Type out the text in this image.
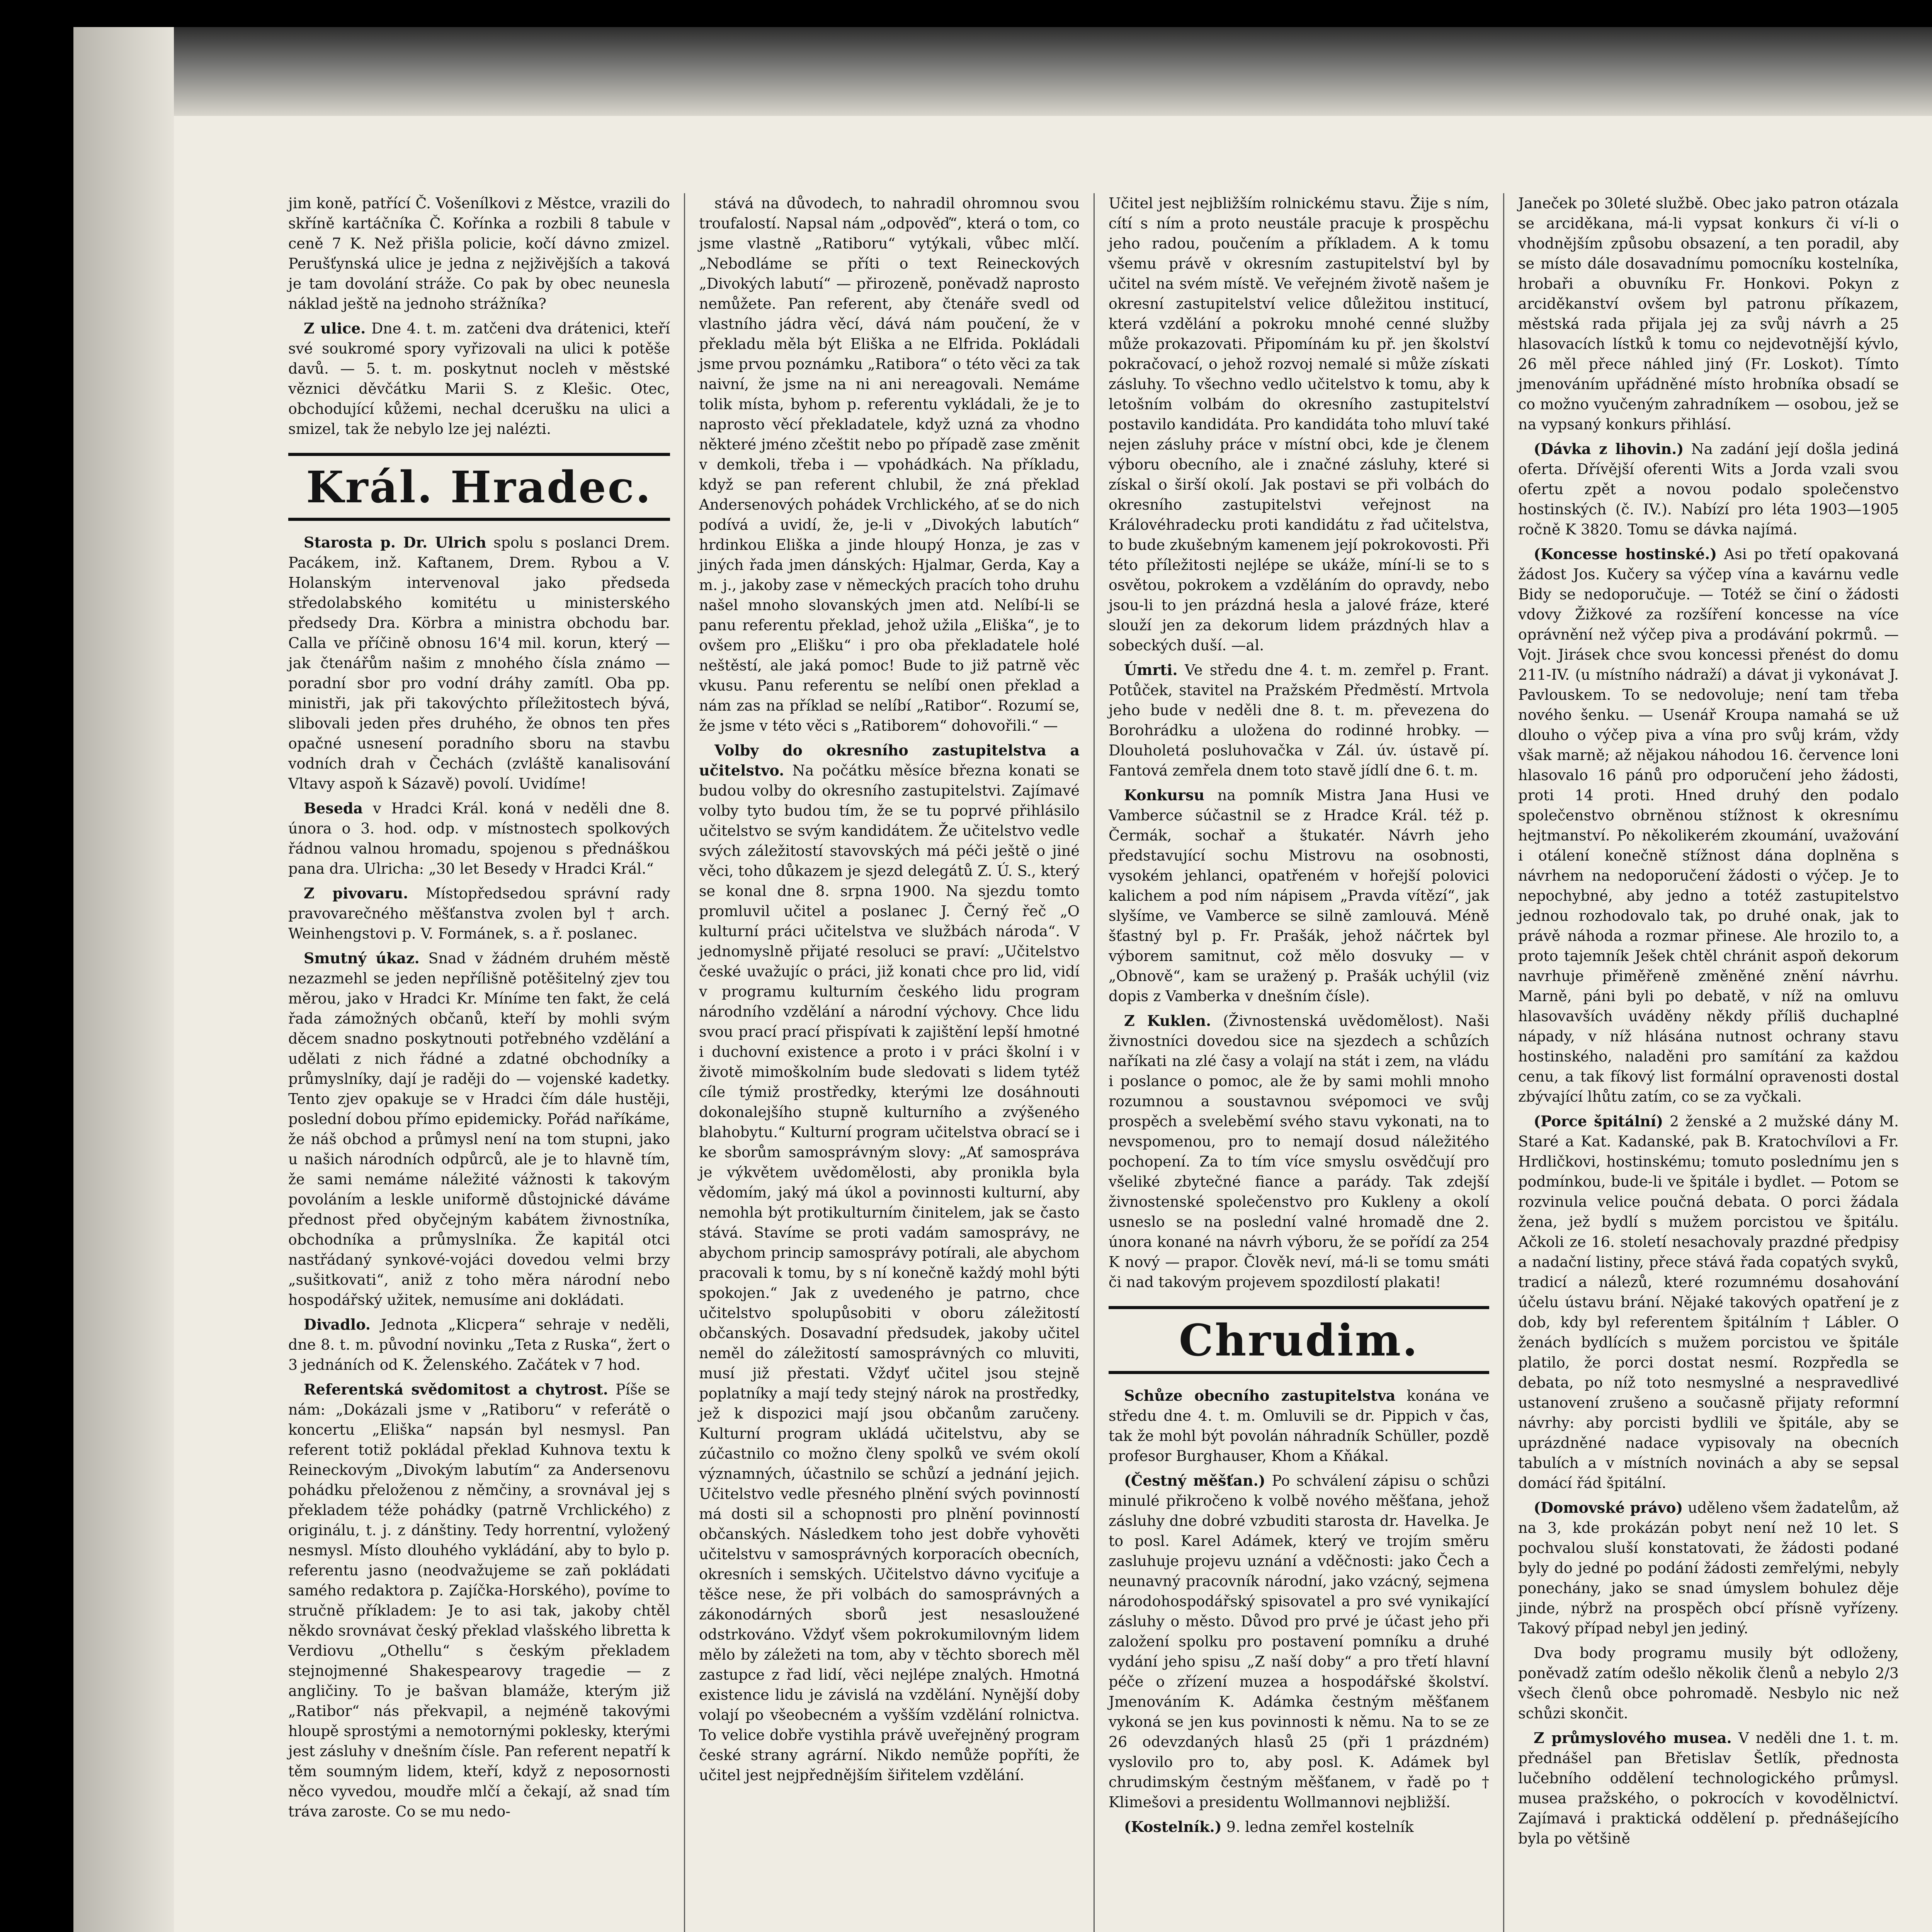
jim koně, patřící Č. Vošenílkovi z Městce, vrazili do skříně kartáčníka Č. Kořínka a rozbili 8 tabule v ceně 7 K. Než přišla policie, kočí dávno zmizel. Perušťynská ulice je jedna z nejživějších a taková je tam dovolání stráže. Co pak by obec neunesla náklad ještě na jednoho strážníka?

Z ulice. Dne 4. t. m. zatčeni dva drátenici, kteří své soukromé spory vyřizovali na ulici k potěše davů. — 5. t. m. poskytnut nocleh v městské věznici děvčátku Marii S. z Klešic. Otec, obchodující kůžemi, nechal dcerušku na ulici a smizel, tak že nebylo lze jej nalézti.

Král. Hradec.

Starosta p. Dr. Ulrich spolu s poslanci Drem. Pacákem, inž. Kaftanem, Drem. Rybou a V. Holanským intervenoval jako předseda středolabského komitétu u ministerského předsedy Dra. Körbra a ministra obchodu bar. Calla ve příčině obnosu 16'4 mil. korun, který — jak čtenářům našim z mnohého čísla známo — poradní sbor pro vodní dráhy zamítl. Oba pp. ministři, jak při takovýchto příležitostech bývá, slibovali jeden přes druhého, že obnos ten přes opačné usnesení poradního sboru na stavbu vodních drah v Čechách (zvláště kanalisování Vltavy aspoň k Sázavě) povolí. Uvidíme!

Beseda v Hradci Král. koná v neděli dne 8. února o 3. hod. odp. v místnostech spolkových řádnou valnou hromadu, spojenou s přednáškou pana dra. Ulricha: „30 let Besedy v Hradci Král.“

Z pivovaru. Místopředsedou správní rady pravovarečného měšťanstva zvolen byl † arch. Weinhengstovi p. V. Formánek, s. a ř. poslanec.

Smutný úkaz. Snad v žádném druhém městě nezazmehl se jeden nepřílišně potěšitelný zjev tou měrou, jako v Hradci Kr. Míníme ten fakt, že celá řada zámožných občanů, kteří by mohli svým děcem snadno poskytnouti potřebného vzdělání a udělati z nich řádné a zdatné obchodníky a průmyslníky, dají je raději do — vojenské kadetky. Tento zjev opakuje se v Hradci čím dále hustěji, poslední dobou přímo epidemicky. Pořád naříkáme, že náš obchod a průmysl není na tom stupni, jako u našich národních odpůrců, ale je to hlavně tím, že sami nemáme náležité vážnosti k takovým povoláním a leskle uniformě důstojnické dáváme přednost před obyčejným kabátem živnostníka, obchodníka a průmyslníka. Že kapitál otci nastřádaný synkové-vojáci dovedou velmi brzy „sušitkovati“, aniž z toho měra národní nebo hospodářský užitek, nemusíme ani dokládati.

Divadlo. Jednota „Klicpera“ sehraje v neděli, dne 8. t. m. původní novinku „Teta z Ruska“, žert o 3 jednáních od K. Želenského. Začátek v 7 hod.

Referentská svědomitost a chytrost. Píše se nám: „Dokázali jsme v „Ratiboru“ v referátě o koncertu „Eliška“ napsán byl nesmysl. Pan referent totiž pokládal překlad Kuhnova textu k Reineckovým „Divokým labutím“ za Andersenovu pohádku přeloženou z němčiny, a srovnával jej s překladem téže pohádky (patrně Vrchlického) z originálu, t. j. z dánštiny. Tedy horrentní, vyložený nesmysl. Místo dlouhého vykládání, aby to bylo p. referentu jasno (neodvažujeme se zaň pokládati samého redaktora p. Zajíčka-Horského), povíme to stručně příkladem: Je to asi tak, jakoby chtěl někdo srovnávat český překlad vlašského libretta k Verdiovu „Othellu“ s českým překladem stejnojmenné Shakespearovy tragedie — z angličiny. To je bašvan blamáže, kterým již „Ratibor“ nás překvapil, a nejméně takovými hloupě sprostými a nemotornými poklesky, kterými jest zásluhy v dnešním čísle. Pan referent nepatří k těm soumným lidem, kteří, když z neposornosti něco vyvedou, moudře mlčí a čekají, až snad tím tráva zaroste. Co se mu nedo-

stává na důvodech, to nahradil ohromnou svou troufalostí. Napsal nám „odpověď“, která o tom, co jsme vlastně „Ratiboru“ vytýkali, vůbec mlčí. „Nebodláme se příti o text Reineckových „Divokých labutí“ — přirozeně, poněvadž naprosto nemůžete. Pan referent, aby čtenáře svedl od vlastního jádra věcí, dává nám poučení, že v překladu měla být Eliška a ne Elfrida. Pokládali jsme prvou poznámku „Ratibora“ o této věci za tak naivní, že jsme na ni ani nereagovali. Nemáme tolik místa, byhom p. referentu vykládali, že je to naprosto věcí překladatele, když uzná za vhodno některé jméno zčeštit nebo po případě zase změnit v demkoli, třeba i — vpohádkách. Na příkladu, když se pan referent chlubil, že zná překlad Andersenových pohádek Vrchlického, ať se do nich podívá a uvidí, že, je-li v „Divokých labutích“ hrdinkou Eliška a jinde hloupý Honza, je zas v jiných řada jmen dánských: Hjalmar, Gerda, Kay a m. j., jakoby zase v německých pracích toho druhu našel mnoho slovanských jmen atd. Nelíbí-li se panu referentu překlad, jehož užila „Eliška“, je to ovšem pro „Elišku“ i pro oba překladatele holé neštěstí, ale jaká pomoc! Bude to již patrně věc vkusu. Panu referentu se nelíbí onen překlad a nám zas na příklad se nelíbí „Ratibor“. Rozumí se, že jsme v této věci s „Ratiborem“ dohovořili.“ —

Volby do okresního zastupitelstva a učitelstvo. Na počátku měsíce března konati se budou volby do okresního zastupitelstvi. Zajímavé volby tyto budou tím, že se tu poprvé přihlásilo učitelstvo se svým kandidátem. Že učitelstvo vedle svých záležitostí stavovských má péči ještě o jiné věci, toho důkazem je sjezd delegátů Z. Ú. S., který se konal dne 8. srpna 1900. Na sjezdu tomto promluvil učitel a poslanec J. Černý řeč „O kulturní práci učitelstva ve službách národa“. V jednomyslně přijaté resoluci se praví: „Učitelstvo české uvažujíc o práci, již konati chce pro lid, vidí v programu kulturním českého lidu program národního vzdělání a národní výchovy. Chce lidu svou prací prací přispívati k zajištění lepší hmotné i duchovní existence a proto i v práci školní i v životě mimoškolním bude sledovati s lidem tytéž cíle týmiž prostředky, kterými lze dosáhnouti dokonalejšího stupně kulturního a zvýšeného blahobytu.“ Kulturní program učitelstva obrací se i ke sborům samosprávným slovy: „Ať samospráva je výkvětem uvědomělosti, aby pronikla byla vědomím, jaký má úkol a povinnosti kulturní, aby nemohla být protikulturním činitelem, jak se často stává. Stavíme se proti vadám samosprávy, ne abychom princip samosprávy potírali, ale abychom pracovali k tomu, by s ní konečně každý mohl býti spokojen.“ Jak z uvedeného je patrno, chce učitelstvo spolupůsobiti v oboru záležitostí občanských. Dosavadní předsudek, jakoby učitel neměl do záležitostí samosprávných co mluviti, musí již přestati. Vždyť učitel jsou stejně poplatníky a mají tedy stejný nárok na prostředky, jež k dispozici mají jsou občanům zaručeny. Kulturní program ukládá učitelstvu, aby se zúčastnilo co možno členy spolků ve svém okolí významných, účastnilo se schůzí a jednání jejich. Učitelstvo vedle přesného plnění svých povinností má dosti sil a schopnosti pro plnění povinností občanských. Následkem toho jest dobře vyhověti učitelstvu v samosprávných korporacích obecních, okresních i semských. Učitelstvo dávno vyciťuje a těšce nese, že při volbách do samosprávných a zákonodárných sborů jest nesasloužené odstrkováno. Vždyť všem pokrokumilovným lidem mělo by záležeti na tom, aby v těchto sborech měl zastupce z řad lidí, věci nejlépe znalých. Hmotná existence lidu je závislá na vzdělání. Nynější doby volají po všeobecném a vyšším vzdělání rolnictva. To velice dobře vystihla právě uveřejněný program české strany agrární. Nikdo nemůže popříti, že učitel jest nejpřednějším šiřitelem vzdělání.

Učitel jest nejbližším rolnickému stavu. Žije s ním, cítí s ním a proto neustále pracuje k prospěchu jeho radou, poučením a příkladem. A k tomu všemu právě v okresním zastupitelství byl by učitel na svém místě. Ve veřejném životě našem je okresní zastupitelství velice důležitou institucí, která vzdělání a pokroku mnohé cenné služby může prokazovati. Připomínám ku př. jen školství pokračovací, o jehož rozvoj nemalé si může získati zásluhy. To všechno vedlo učitelstvo k tomu, aby k letošním volbám do okresního zastupitelství postavilo kandidáta. Pro kandidáta toho mluví také nejen zásluhy práce v místní obci, kde je členem výboru obecního, ale i značné zásluhy, které si získal o širší okolí. Jak postavi se při volbách do okresního zastupitelstvi veřejnost na Královéhradecku proti kandidátu z řad učitelstva, to bude zkušebným kamenem její pokrokovosti. Při této příležitosti nejlépe se ukáže, míní-li se to s osvětou, pokrokem a vzděláním do opravdy, nebo jsou-li to jen prázdná hesla a jalové fráze, které slouží jen za dekorum lidem prázdných hlav a sobeckých duší. —al.

Úmrti. Ve středu dne 4. t. m. zemřel p. Frant. Potůček, stavitel na Pražském Předměstí. Mrtvola jeho bude v neděli dne 8. t. m. převezena do Borohrádku a uložena do rodinné hrobky. — Dlouholetá posluhovačka v Zál. úv. ústavě pí. Fantová zemřela dnem toto stavě jídlí dne 6. t. m.

Konkursu na pomník Mistra Jana Husi ve Vamberce súčastnil se z Hradce Král. též p. Čermák, sochař a štukatér. Návrh jeho představující sochu Mistrovu na osobnosti, vysokém jehlanci, opatřeném v hořejší polovici kalichem a pod ním nápisem „Pravda vítězí“, jak slyšíme, ve Vamberce se silně zamlouvá. Méně šťastný byl p. Fr. Prašák, jehož náčrtek byl výborem samitnut, což mělo dosvuky — v „Obnově“, kam se uražený p. Prašák uchýlil (viz dopis z Vamberka v dnešním čísle).

Z Kuklen. (Živnostenská uvědomělost). Naši živnostníci dovedou sice na sjezdech a schůzích naříkati na zlé časy a volají na stát i zem, na vládu i poslance o pomoc, ale že by sami mohli mnoho rozumnou a soustavnou svépomoci ve svůj prospěch a sveleběmí svého stavu vykonati, na to nevspomenou, pro to nemají dosud náležitého pochopení. Za to tím více smyslu osvědčují pro všeliké zbytečné fiance a parády. Tak zdejší živnostenské společenstvo pro Kukleny a okolí usneslo se na poslední valné hromadě dne 2. února konané na návrh výboru, že se pořídí za 254 K nový — prapor. Člověk neví, má-li se tomu smáti či nad takovým projevem spozdilostí plakati!

Chrudim.

Schůze obecního zastupitelstva konána ve středu dne 4. t. m. Omluvili se dr. Pippich v čas, tak že mohl být povolán náhradník Schüller, pozdě profesor Burghauser, Khom a Kňákal.

(Čestný měšťan.) Po schválení zápisu o schůzi minulé přikročeno k volbě nového měšťana, jehož zásluhy dne dobré vzbuditi starosta dr. Havelka. Je to posl. Karel Adámek, který ve trojím směru zasluhuje projevu uznání a vděčnosti: jako Čech a neunavný pracovník národní, jako vzácný, sejmena národohospodářský spisovatel a pro své vynikající zásluhy o město. Důvod pro prvé je účast jeho při založení spolku pro postavení pomníku a druhé vydání jeho spisu „Z naší doby“ a pro třetí hlavní péče o zřízení muzea a hospodářské školství. Jmenováním K. Adámka čestným měšťanem vykoná se jen kus povinnosti k němu. Na to se ze 26 odevzdaných hlasů 25 (při 1 prázdném) vyslovilo pro to, aby posl. K. Adámek byl chrudimským čestným měšťanem, v řadě po † Klimešovi a presidentu Wollmannovi nejbližší.

(Kostelník.) 9. ledna zemřel kostelník

Janeček po 30leté službě. Obec jako patron otázala se arciděkana, má-li vypsat konkurs či ví-li o vhodnějším způsobu obsazení, a ten poradil, aby se místo dále dosavadnímu pomocníku kostelníka, hrobaři a obuvníku Fr. Honkovi. Pokyn z arciděkanství ovšem byl patronu příkazem, městská rada přijala jej za svůj návrh a 25 hlasovacích lístků k tomu co nejdevotnější kývlo, 26 měl přece náhled jiný (Fr. Loskot). Tímto jmenováním upřádněné místo hrobníka obsadí se co možno vyučeným zahradníkem — osobou, jež se na vypsaný konkurs přihlásí.

(Dávka z lihovin.) Na zadání její došla jediná oferta. Dřívější oferenti Wits a Jorda vzali svou ofertu zpět a novou podalo společenstvo hostinských (č. IV.). Nabízí pro léta 1903—1905 ročně K 3820. Tomu se dávka najímá.

(Koncesse hostinské.) Asi po třetí opakovaná žádost Jos. Kučery sa výčep vína a kavárnu vedle Bidy se nedoporučuje. — Totéž se činí o žádosti vdovy Žižkové za rozšíření koncesse na více oprávnění než výčep piva a prodávání pokrmů. — Vojt. Jirásek chce svou koncessi přenést do domu 211-IV. (u místního nádraží) a dávat ji vykonávat J. Pavlouskem. To se nedovoluje; není tam třeba nového šenku. — Usenář Kroupa namahá se už dlouho o výčep piva a vína pro svůj krám, vždy však marně; až nějakou náhodou 16. července loni hlasovalo 16 pánů pro odporučení jeho žádosti, proti 14 proti. Hned druhý den podalo společenstvo obrněnou stížnost k okresnímu hejtmanství. Po několikerém zkoumání, uvažování i otálení konečně stížnost dána doplněna s návrhem na nedoporučení žádosti o výčep. Je to nepochybné, aby jedno a totéž zastupitelstvo jednou rozhodovalo tak, po druhé onak, jak to právě náhoda a rozmar přinese. Ale hrozilo to, a proto tajemník Ješek chtěl chránit aspoň dekorum navrhuje přiměřeně změněné znění návrhu. Marně, páni byli po debatě, v níž na omluvu hlasovavších uváděny někdy příliš duchaplné nápady, v níž hlásána nutnost ochrany stavu hostinského, naladěni pro samítání za každou cenu, a tak fíkový list formální opravenosti dostal zbývající lhůtu zatím, co se za vyčkali.

(Porce špitální) 2 ženské a 2 mužské dány M. Staré a Kat. Kadanské, pak B. Kratochvílovi a Fr. Hrdličkovi, hostinskému; tomuto poslednímu jen s podmínkou, bude-li ve špitále i bydlet. — Potom se rozvinula velice poučná debata. O porci žádala žena, jež bydlí s mužem porcistou ve špitálu. Ačkoli ze 16. století nesachovaly prazdné předpisy a nadační listiny, přece stává řada copatých svyků, tradicí a nálezů, které rozumnému dosahování účelu ústavu brání. Nějaké takových opatření je z dob, kdy byl referentem špitálním † Lábler. O ženách bydlících s mužem porcistou ve špitále platilo, že porci dostat nesmí. Rozpředla se debata, po níž toto nesmyslné a nespravedlivé ustanovení zrušeno a současně přijaty reformní návrhy: aby porcisti bydlili ve špitále, aby se uprázdněné nadace vypisovaly na obecních tabulích a v místních novinách a aby se sepsal domácí řád špitální.

(Domovské právo) uděleno všem žadatelům, až na 3, kde prokázán pobyt není než 10 let. S pochvalou sluší konstatovati, že žádosti podané byly do jedné po podání žádosti zemřelými, nebyly ponechány, jako se snad úmyslem bohulez děje jinde, nýbrž na prospěch obcí přísně vyřízeny. Takový případ nebyl jen jediný.

Dva body programu musily být odloženy, poněvadž zatím odešlo několik členů a nebylo 2/3 všech členů obce pohromadě. Nesbylo nic než schůzi skončit.

Z průmyslového musea. V neděli dne 1. t. m. přednášel pan Břetislav Šetlík, přednosta lučebního oddělení technologického průmysl. musea pražského, o pokrocích v kovodělnictví. Zajímavá i praktická oddělení p. přednášejícího byla po většině
